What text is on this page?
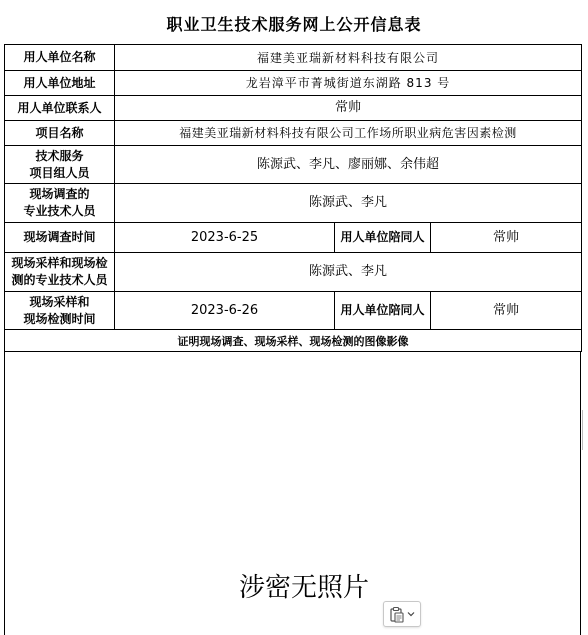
职业卫生技术服务网上公开信息表
用人单位名称	福建美亚瑞新材料科技有限公司		
用人单位地址	龙岩漳平市菁城街道东湖路 813 号		
用人单位联系人	常帅		
项目名称	福建美亚瑞新材料科技有限公司工作场所职业病危害因素检测		

技术服务
项目组人员	陈源武、李凡、廖丽娜、余伟超		

现场调查的
专业技术人员	陈源武、李凡		
现场调查时间	2023-6-25	用人单位陪同人	常帅

现场采样和现场检
测的专业技术人员	陈源武、李凡		

现场采样和
现场检测时间	2023-6-26	用人单位陪同人	常帅
证明现场调查、现场采样、现场检测的图像影像			
涉密无照片
